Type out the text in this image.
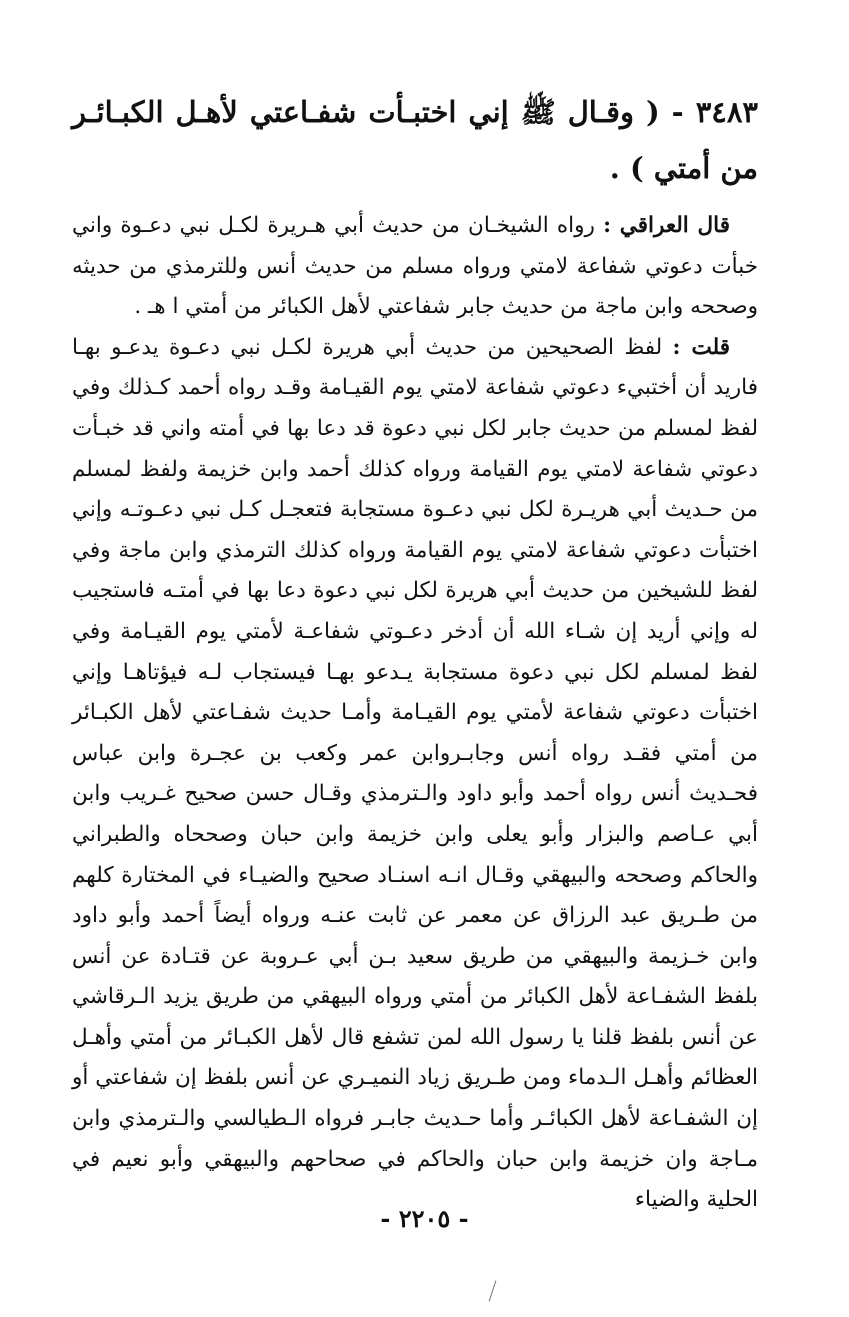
٣٤٨٣ - ( وقـال ﷺ إني اختبـأت شفـاعتي لأهـل الكبـائـر من أمتي ) .

قال العراقي : رواه الشيخـان من حديث أبي هـريرة لكـل نبي دعـوة واني خبأت دعوتي شفاعة لامتي ورواه مسلم من حديث أنس وللترمذي من حديثه وصححه وابن ماجة من حديث جابر شفاعتي لأهل الكبائر من أمتي ا هـ .

قلت : لفظ الصحيحين من حديث أبي هريرة لكـل نبي دعـوة يدعـو بهـا فاريد أن أختبيء دعوتي شفاعة لامتي يوم القيـامة وقـد رواه أحمد كـذلك وفي لفظ لمسلم من حديث جابر لكل نبي دعوة قد دعا بها في أمته واني قد خبـأت دعوتي شفاعة لامتي يوم القيامة ورواه كذلك أحمد وابن خزيمة ولفظ لمسلم من حـديث أبي هريـرة لكل نبي دعـوة مستجابة فتعجـل كـل نبي دعـوتـه وإني اختبأت دعوتي شفاعة لامتي يوم القيامة ورواه كذلك الترمذي وابن ماجة وفي لفظ للشيخين من حديث أبي هريرة لكل نبي دعوة دعا بها في أمتـه فاستجيب له وإني أريد إن شـاء الله أن أدخر دعـوتي شفاعـة لأمتي يوم القيـامة وفي لفظ لمسلم لكل نبي دعوة مستجابة يـدعو بهـا فيستجاب لـه فيؤتاهـا وإني اختبأت دعوتي شفاعة لأمتي يوم القيـامة وأمـا حديث شفـاعتي لأهل الكبـائر من أمتي فقـد رواه أنس وجابـروابن عمر وكعب بن عجـرة وابن عباس فحـديث أنس رواه أحمد وأبو داود والـترمذي وقـال حسن صحيح غـريب وابن أبي عـاصم والبزار وأبو يعلى وابن خزيمة وابن حبان وصححاه والطبراني والحاكم وصححه والبيهقي وقـال انـه اسنـاد صحيح والضيـاء في المختارة كلهم من طـريق عبد الرزاق عن معمر عن ثابت عنـه ورواه أيضاً أحمد وأبو داود وابن خـزيمة والبيهقي من طريق سعيد بـن أبي عـروبة عن قتـادة عن أنس بلفظ الشفـاعة لأهل الكبائر من أمتي ورواه البيهقي من طريق يزيد الـرقاشي عن أنس بلفظ قلنا يا رسول الله لمن تشفع قال لأهل الكبـائر من أمتي وأهـل العظائم وأهـل الـدماء ومن طـريق زياد النميـري عن أنس بلفظ إن شفاعتي أو إن الشفـاعة لأهل الكبائـر وأما حـديث جابـر فرواه الـطيالسي والـترمذي وابن مـاجة وان خزيمة وابن حبان والحاكم في صحاحهم والبيهقي وأبو نعيم في الحلية والضياء

- ٢٢٠٥ -
